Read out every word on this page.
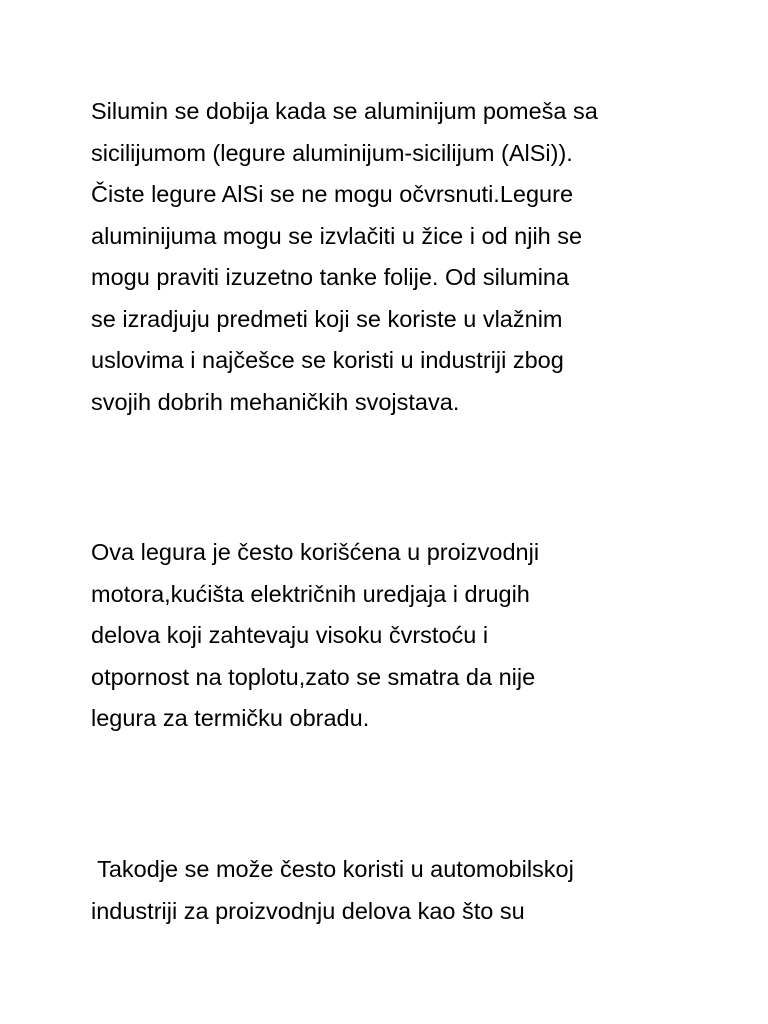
Silumin se dobija kada se aluminijum pomeša sa

sicilijumom (legure aluminijum-sicilijum (AlSi)).

Čiste legure AlSi se ne mogu očvrsnuti.Legure

aluminijuma mogu se izvlačiti u žice i od njih se

mogu praviti izuzetno tanke folije. Od silumina

se izradjuju predmeti koji se koriste u vlažnim

uslovima i najčešce se koristi u industriji zbog

svojih dobrih mehaničkih svojstava.

Ova legura je često korišćena u proizvodnji

motora,kućišta električnih uredjaja i drugih

delova koji zahtevaju visoku čvrstoću i

otpornost na toplotu,zato se smatra da nije

legura za termičku obradu.

Takodje se može često koristi u automobilskoj

industriji za proizvodnju delova kao što su
